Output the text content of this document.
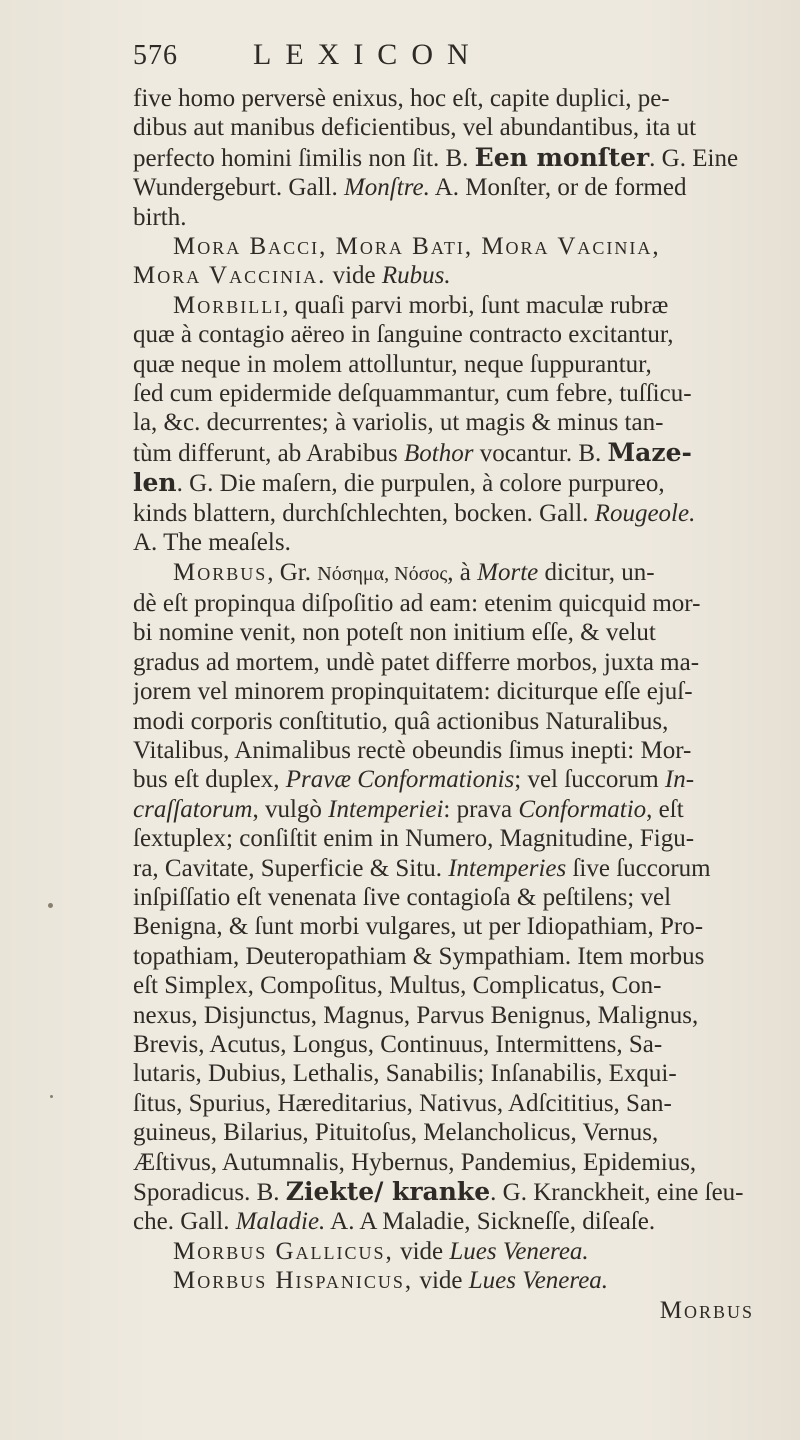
576	LEXICON
five homo perversè enixus, hoc eſt, capite duplici, pe-
dibus aut manibus deficientibus, vel abundantibus, ita ut
perfecto homini ſimilis non ſit. B. Een monſter. G. Eine
Wundergeburt. Gall. Monſtre. A. Monſter, or de formed
birth.
Mora Bacci, Mora Bati, Mora Vacinia,
Mora Vaccinia. vide Rubus.
Morbilli, quaſi parvi morbi, ſunt maculæ rubræ
quæ à contagio aëreo in ſanguine contracto excitantur,
quæ neque in molem attolluntur, neque ſuppurantur,
ſed cum epidermide deſquammantur, cum febre, tuſſicu-
la, &c. decurrentes; à variolis, ut magis & minus tan-
tùm differunt, ab Arabibus Bothor vocantur. B. Maze-
len. G. Die maſern, die purpulen, à colore purpureo,
kinds blattern, durchſchlechten, bocken. Gall. Rougeole.
A. The meaſels.
Morbus, Gr. Νόσημα, Νόσος, à Morte dicitur, un-
dè eſt propinqua diſpoſitio ad eam: etenim quicquid mor-
bi nomine venit, non poteſt non initium eſſe, & velut
gradus ad mortem, undè patet differre morbos, juxta ma-
jorem vel minorem propinquitatem: diciturque eſſe ejuſ-
modi corporis conſtitutio, quâ actionibus Naturalibus,
Vitalibus, Animalibus rectè obeundis ſimus inepti: Mor-
bus eſt duplex, Pravæ Conformationis; vel ſuccorum In-
craſſatorum, vulgò Intemperiei: prava Conformatio, eſt
ſextuplex; conſiſtit enim in Numero, Magnitudine, Figu-
ra, Cavitate, Superficie & Situ. Intemperies ſive ſuccorum
inſpiſſatio eſt venenata ſive contagioſa & peſtilens; vel
Benigna, & ſunt morbi vulgares, ut per Idiopathiam, Pro-
topathiam, Deuteropathiam & Sympathiam. Item morbus
eſt Simplex, Compoſitus, Multus, Complicatus, Con-
nexus, Disjunctus, Magnus, Parvus Benignus, Malignus,
Brevis, Acutus, Longus, Continuus, Intermittens, Sa-
lutaris, Dubius, Lethalis, Sanabilis; Inſanabilis, Exqui-
ſitus, Spurius, Hæreditarius, Nativus, Adſcititius, San-
guineus, Bilarius, Pituitoſus, Melancholicus, Vernus,
Æſtivus, Autumnalis, Hybernus, Pandemius, Epidemius,
Sporadicus. B. Ziekte/ kranke. G. Kranckheit, eine ſeu-
che. Gall. Maladie. A. A Maladie, Sickneſſe, diſeaſe.
Morbus Gallicus, vide Lues Venerea.
Morbus Hispanicus, vide Lues Venerea.
Morbus
